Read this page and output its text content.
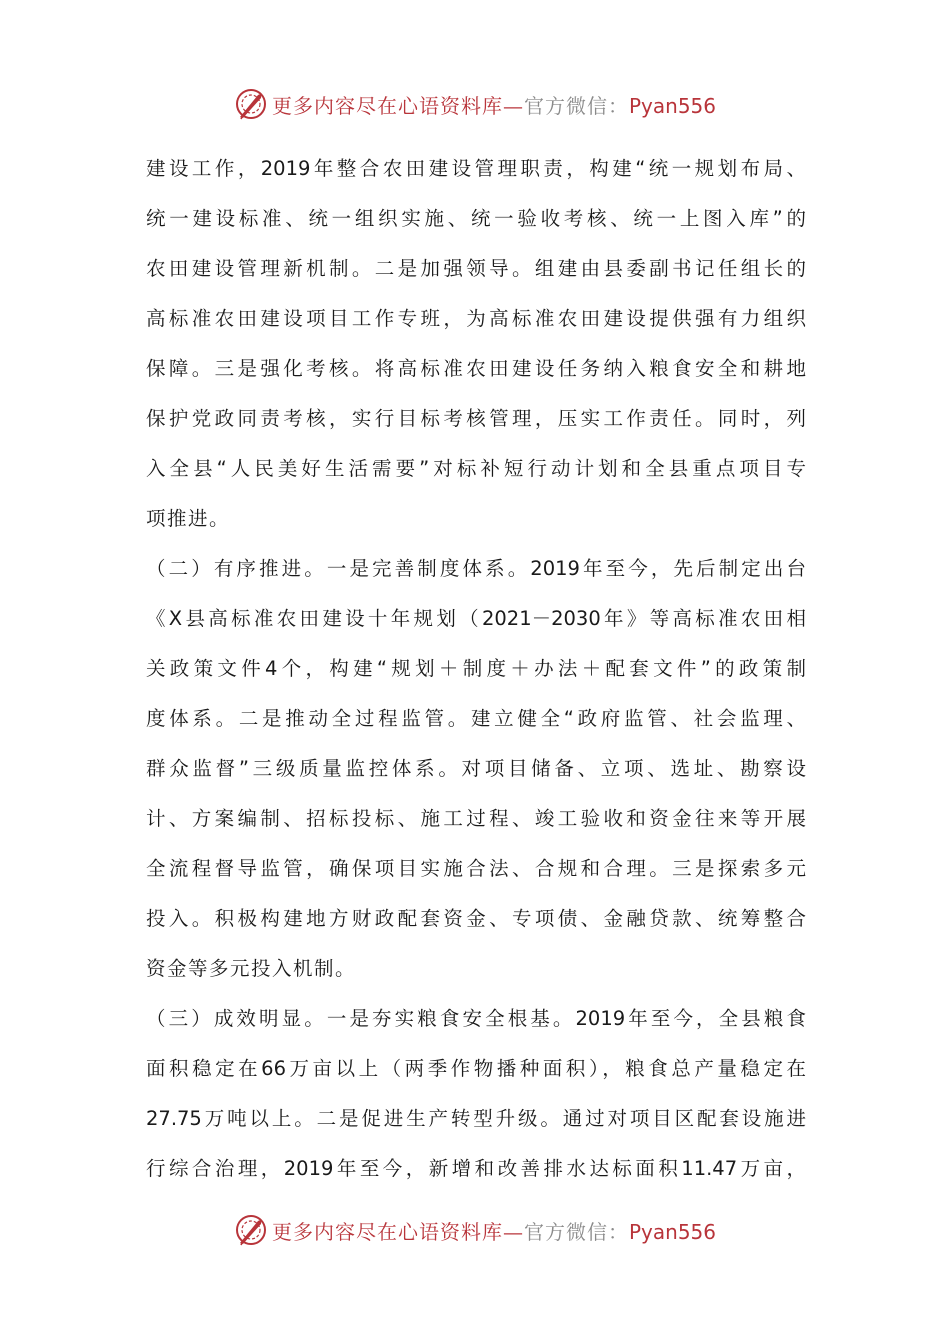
更多内容尽在心语资料库—官方微信：Pyan556
建设工作，2019年整合农田建设管理职责，构建“统一规划布局、
统一建设标准、统一组织实施、统一验收考核、统一上图入库”的
农田建设管理新机制。二是加强领导。组建由县委副书记任组长的
高标准农田建设项目工作专班，为高标准农田建设提供强有力组织
保障。三是强化考核。将高标准农田建设任务纳入粮食安全和耕地
保护党政同责考核，实行目标考核管理，压实工作责任。同时，列
入全县“人民美好生活需要”对标补短行动计划和全县重点项目专
项推进。
（二）有序推进。一是完善制度体系。2019年至今，先后制定出台
《X县高标准农田建设十年规划（2021－2030年》等高标准农田相
关政策文件4个，构建“规划＋制度＋办法＋配套文件”的政策制
度体系。二是推动全过程监管。建立健全“政府监管、社会监理、
群众监督”三级质量监控体系。对项目储备、立项、选址、勘察设
计、方案编制、招标投标、施工过程、竣工验收和资金往来等开展
全流程督导监管，确保项目实施合法、合规和合理。三是探索多元
投入。积极构建地方财政配套资金、专项债、金融贷款、统筹整合
资金等多元投入机制。
（三）成效明显。一是夯实粮食安全根基。2019年至今，全县粮食
面积稳定在66万亩以上（两季作物播种面积），粮食总产量稳定在
27.75万吨以上。二是促进生产转型升级。通过对项目区配套设施进
行综合治理，2019年至今，新增和改善排水达标面积11.47万亩，
更多内容尽在心语资料库—官方微信：Pyan556
